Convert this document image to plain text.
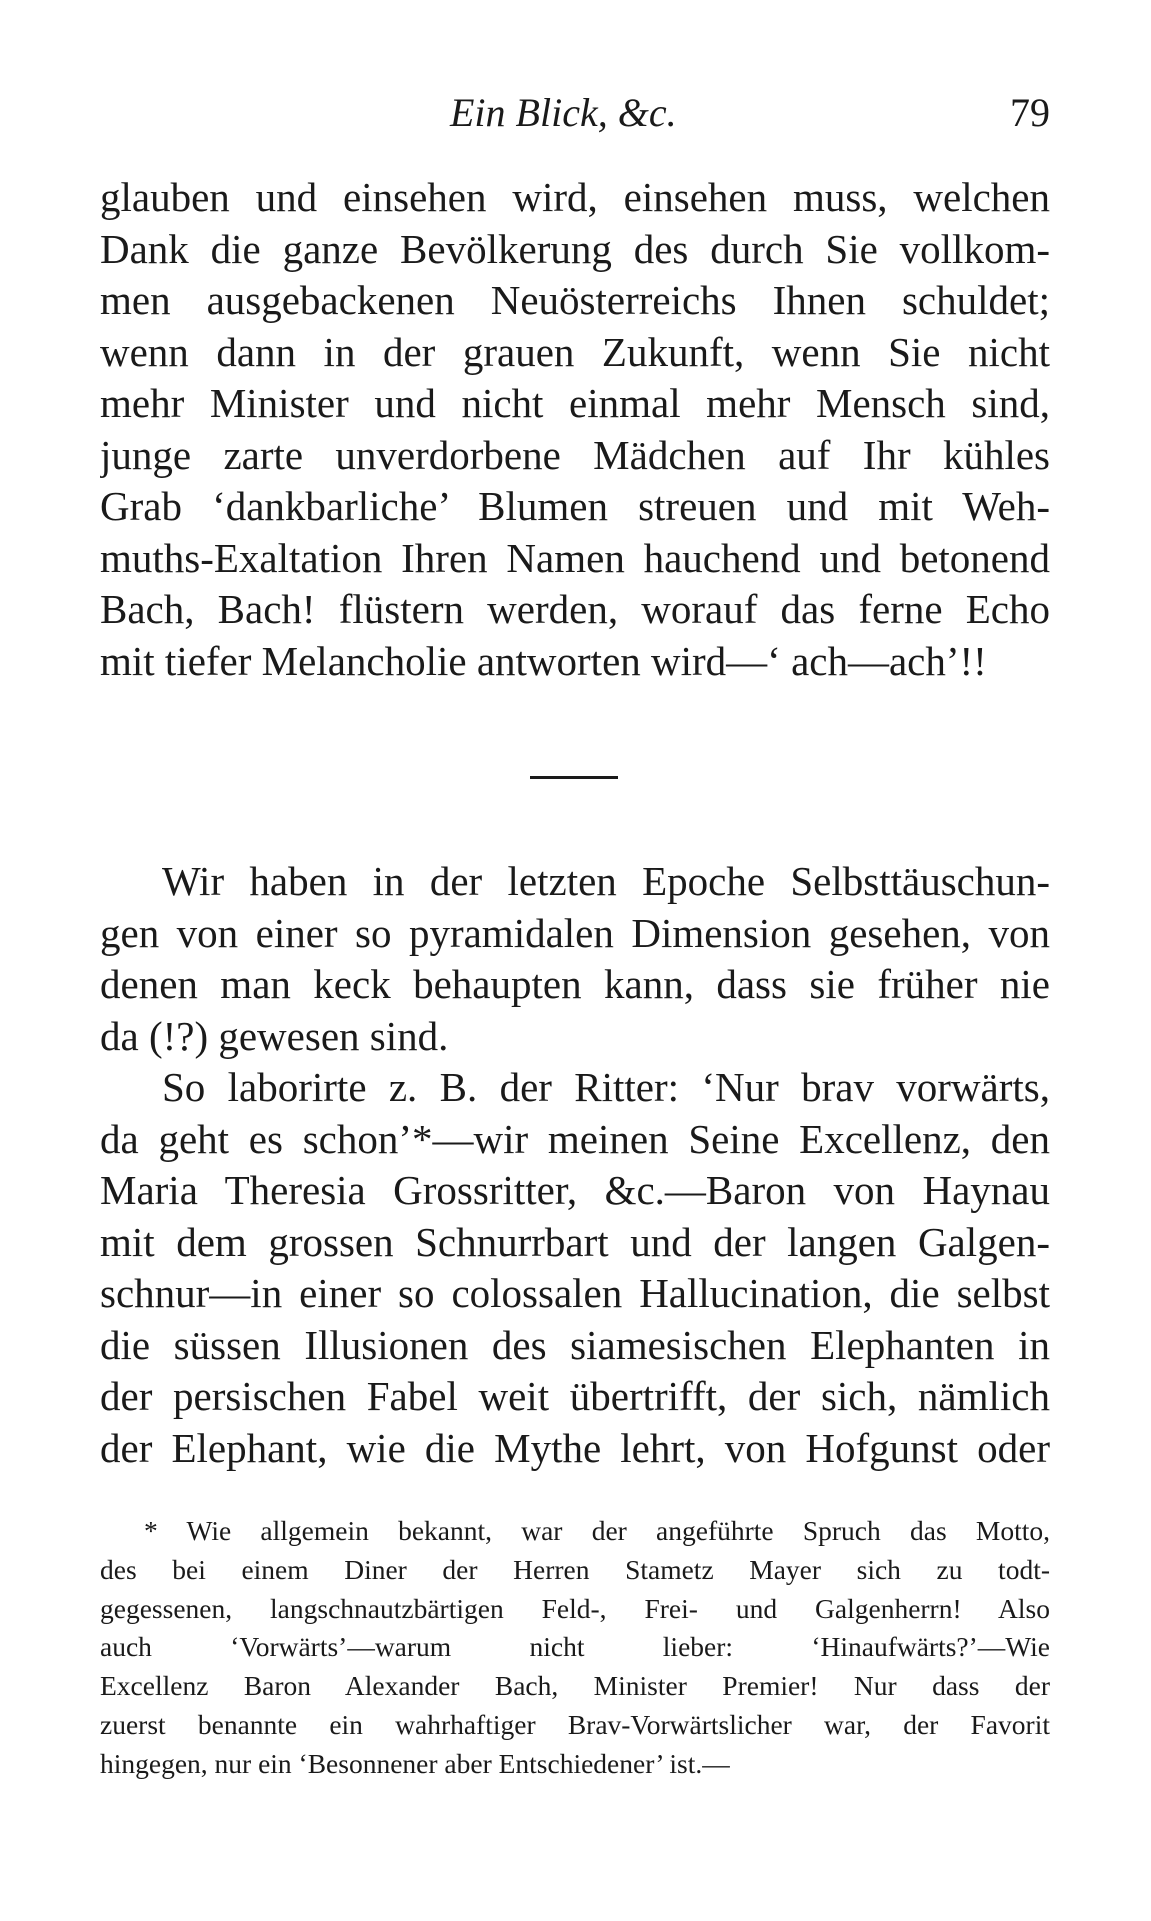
Ein Blick, &c.	79
glauben und einsehen wird, einsehen muss, welchen
Dank die ganze Bevölkerung des durch Sie vollkom-
men ausgebackenen Neuösterreichs Ihnen schuldet;
wenn dann in der grauen Zukunft, wenn Sie nicht
mehr Minister und nicht einmal mehr Mensch sind,
junge zarte unverdorbene Mädchen auf Ihr kühles
Grab ‘dankbarliche’ Blumen streuen und mit Weh-
muths-Exaltation Ihren Namen hauchend und betonend
Bach, Bach! flüstern werden, worauf das ferne Echo
mit tiefer Melancholie antworten wird—‘ ach—ach’!!
Wir haben in der letzten Epoche Selbsttäuschun-
gen von einer so pyramidalen Dimension gesehen, von
denen man keck behaupten kann, dass sie früher nie
da (!?) gewesen sind.
So laborirte z. B. der Ritter: ‘Nur brav vorwärts,
da geht es schon’*—wir meinen Seine Excellenz, den
Maria Theresia Grossritter, &c.—Baron von Haynau
mit dem grossen Schnurrbart und der langen Galgen-
schnur—in einer so colossalen Hallucination, die selbst
die süssen Illusionen des siamesischen Elephanten in
der persischen Fabel weit übertrifft, der sich, nämlich
der Elephant, wie die Mythe lehrt, von Hofgunst oder
* Wie allgemein bekannt, war der angeführte Spruch das Motto,
des bei einem Diner der Herren Stametz Mayer sich zu todt-
gegessenen, langschnautzbärtigen Feld-, Frei- und Galgenherrn! Also
auch ‘Vorwärts’—warum nicht lieber: ‘Hinaufwärts?’—Wie
Excellenz Baron Alexander Bach, Minister Premier! Nur dass der
zuerst benannte ein wahrhaftiger Brav-Vorwärtslicher war, der Favorit
hingegen, nur ein ‘Besonnener aber Entschiedener’ ist.—
